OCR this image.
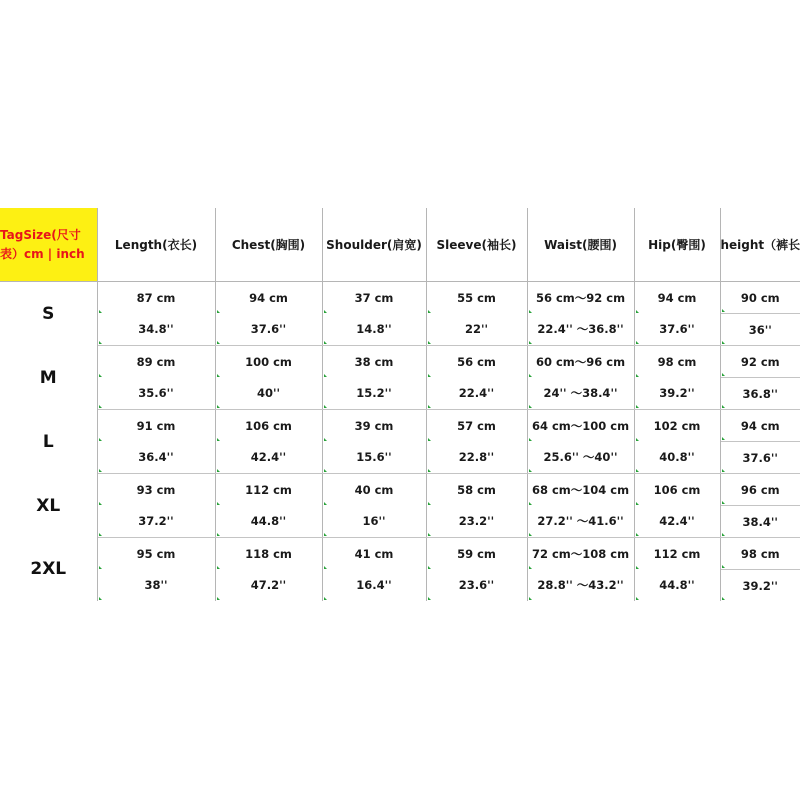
TagSize(尺寸
表）cm | inch	Length(衣长)	Chest(胸围)	Shoulder(肩宽)	Sleeve(袖长)	Waist(腰围)	Hip(臀围)	height（裤长
S	87 cm	94 cm	37 cm	55 cm	56 cm～92 cm	94 cm	90 cm

	34.8''	37.6''	14.8''	22''	22.4'' ～36.8''	37.6''	36''

M	89 cm	100 cm	38 cm	56 cm	60 cm～96 cm	98 cm	92 cm

	35.6''	40''	15.2''	22.4''	24'' ～38.4''	39.2''	36.8''

L	91 cm	106 cm	39 cm	57 cm	64 cm～100 cm	102 cm	94 cm

	36.4''	42.4''	15.6''	22.8''	25.6'' ～40''	40.8''	37.6''

XL	93 cm	112 cm	40 cm	58 cm	68 cm～104 cm	106 cm	96 cm

	37.2''	44.8''	16''	23.2''	27.2'' ～41.6''	42.4''	38.4''

2XL	95 cm	118 cm	41 cm	59 cm	72 cm～108 cm	112 cm	98 cm

	38''	47.2''	16.4''	23.6''	28.8'' ～43.2''	44.8''	39.2''
